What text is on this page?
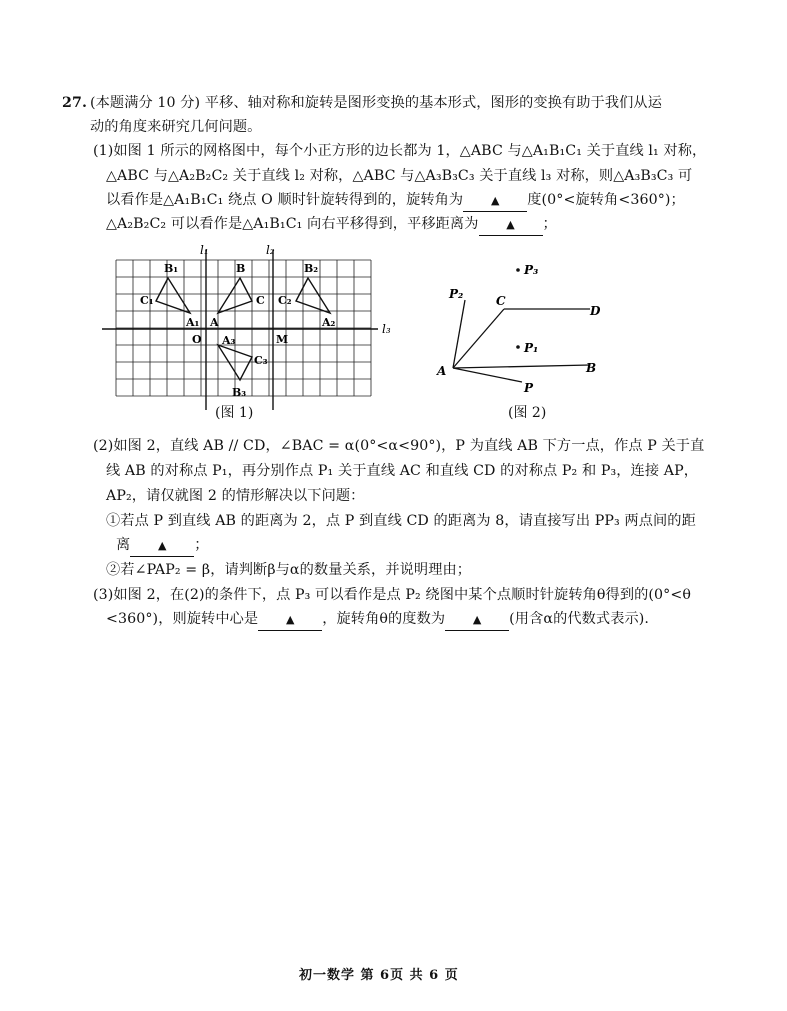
27. (本题满分 10 分) 平移、轴对称和旋转是图形变换的基本形式，图形的变换有助于我们从运
动的角度来研究几何问题。
(1)如图 1 所示的网格图中，每个小正方形的边长都为 1，△ABC 与△A₁B₁C₁ 关于直线 l₁ 对称，
△ABC 与△A₂B₂C₂ 关于直线 l₂ 对称，△ABC 与△A₃B₃C₃ 关于直线 l₃ 对称，则△A₃B₃C₃ 可
以看作是△A₁B₁C₁ 绕点 O 顺时针旋转得到的，旋转角为	▲ 度(0°<旋转角<360°)；
△A₂B₂C₂ 可以看作是△A₁B₁C₁ 向右平移得到，平移距离为	▲ ；
l₁	l₂
l₃
B₁
C₁
A₁
B
C
A
B₂
C₂
A₂
O	M
A₃
C₃
B₃
(图 1)
P₃
P₂	C
D
P₁
A	B
P
(图 2)
(2)如图 2，直线 AB // CD，∠BAC = α(0°<α<90°)，P 为直线 AB 下方一点，作点 P 关于直
线 AB 的对称点 P₁，再分别作点 P₁ 关于直线 AC 和直线 CD 的对称点 P₂ 和 P₃，连接 AP，
AP₂，请仅就图 2 的情形解决以下问题：
①若点 P 到直线 AB 的距离为 2，点 P 到直线 CD 的距离为 8，请直接写出 PP₃ 两点间的距
离	▲ ；
②若∠PAP₂ = β，请判断β与α的数量关系，并说明理由；
(3)如图 2，在(2)的条件下，点 P₃ 可以看作是点 P₂ 绕图中某个点顺时针旋转角θ得到的(0°<θ
<360°)，则旋转中心是	▲ ，旋转角θ的度数为	▲ (用含α的代数式表示).
初一数学 第 6页 共 6 页
